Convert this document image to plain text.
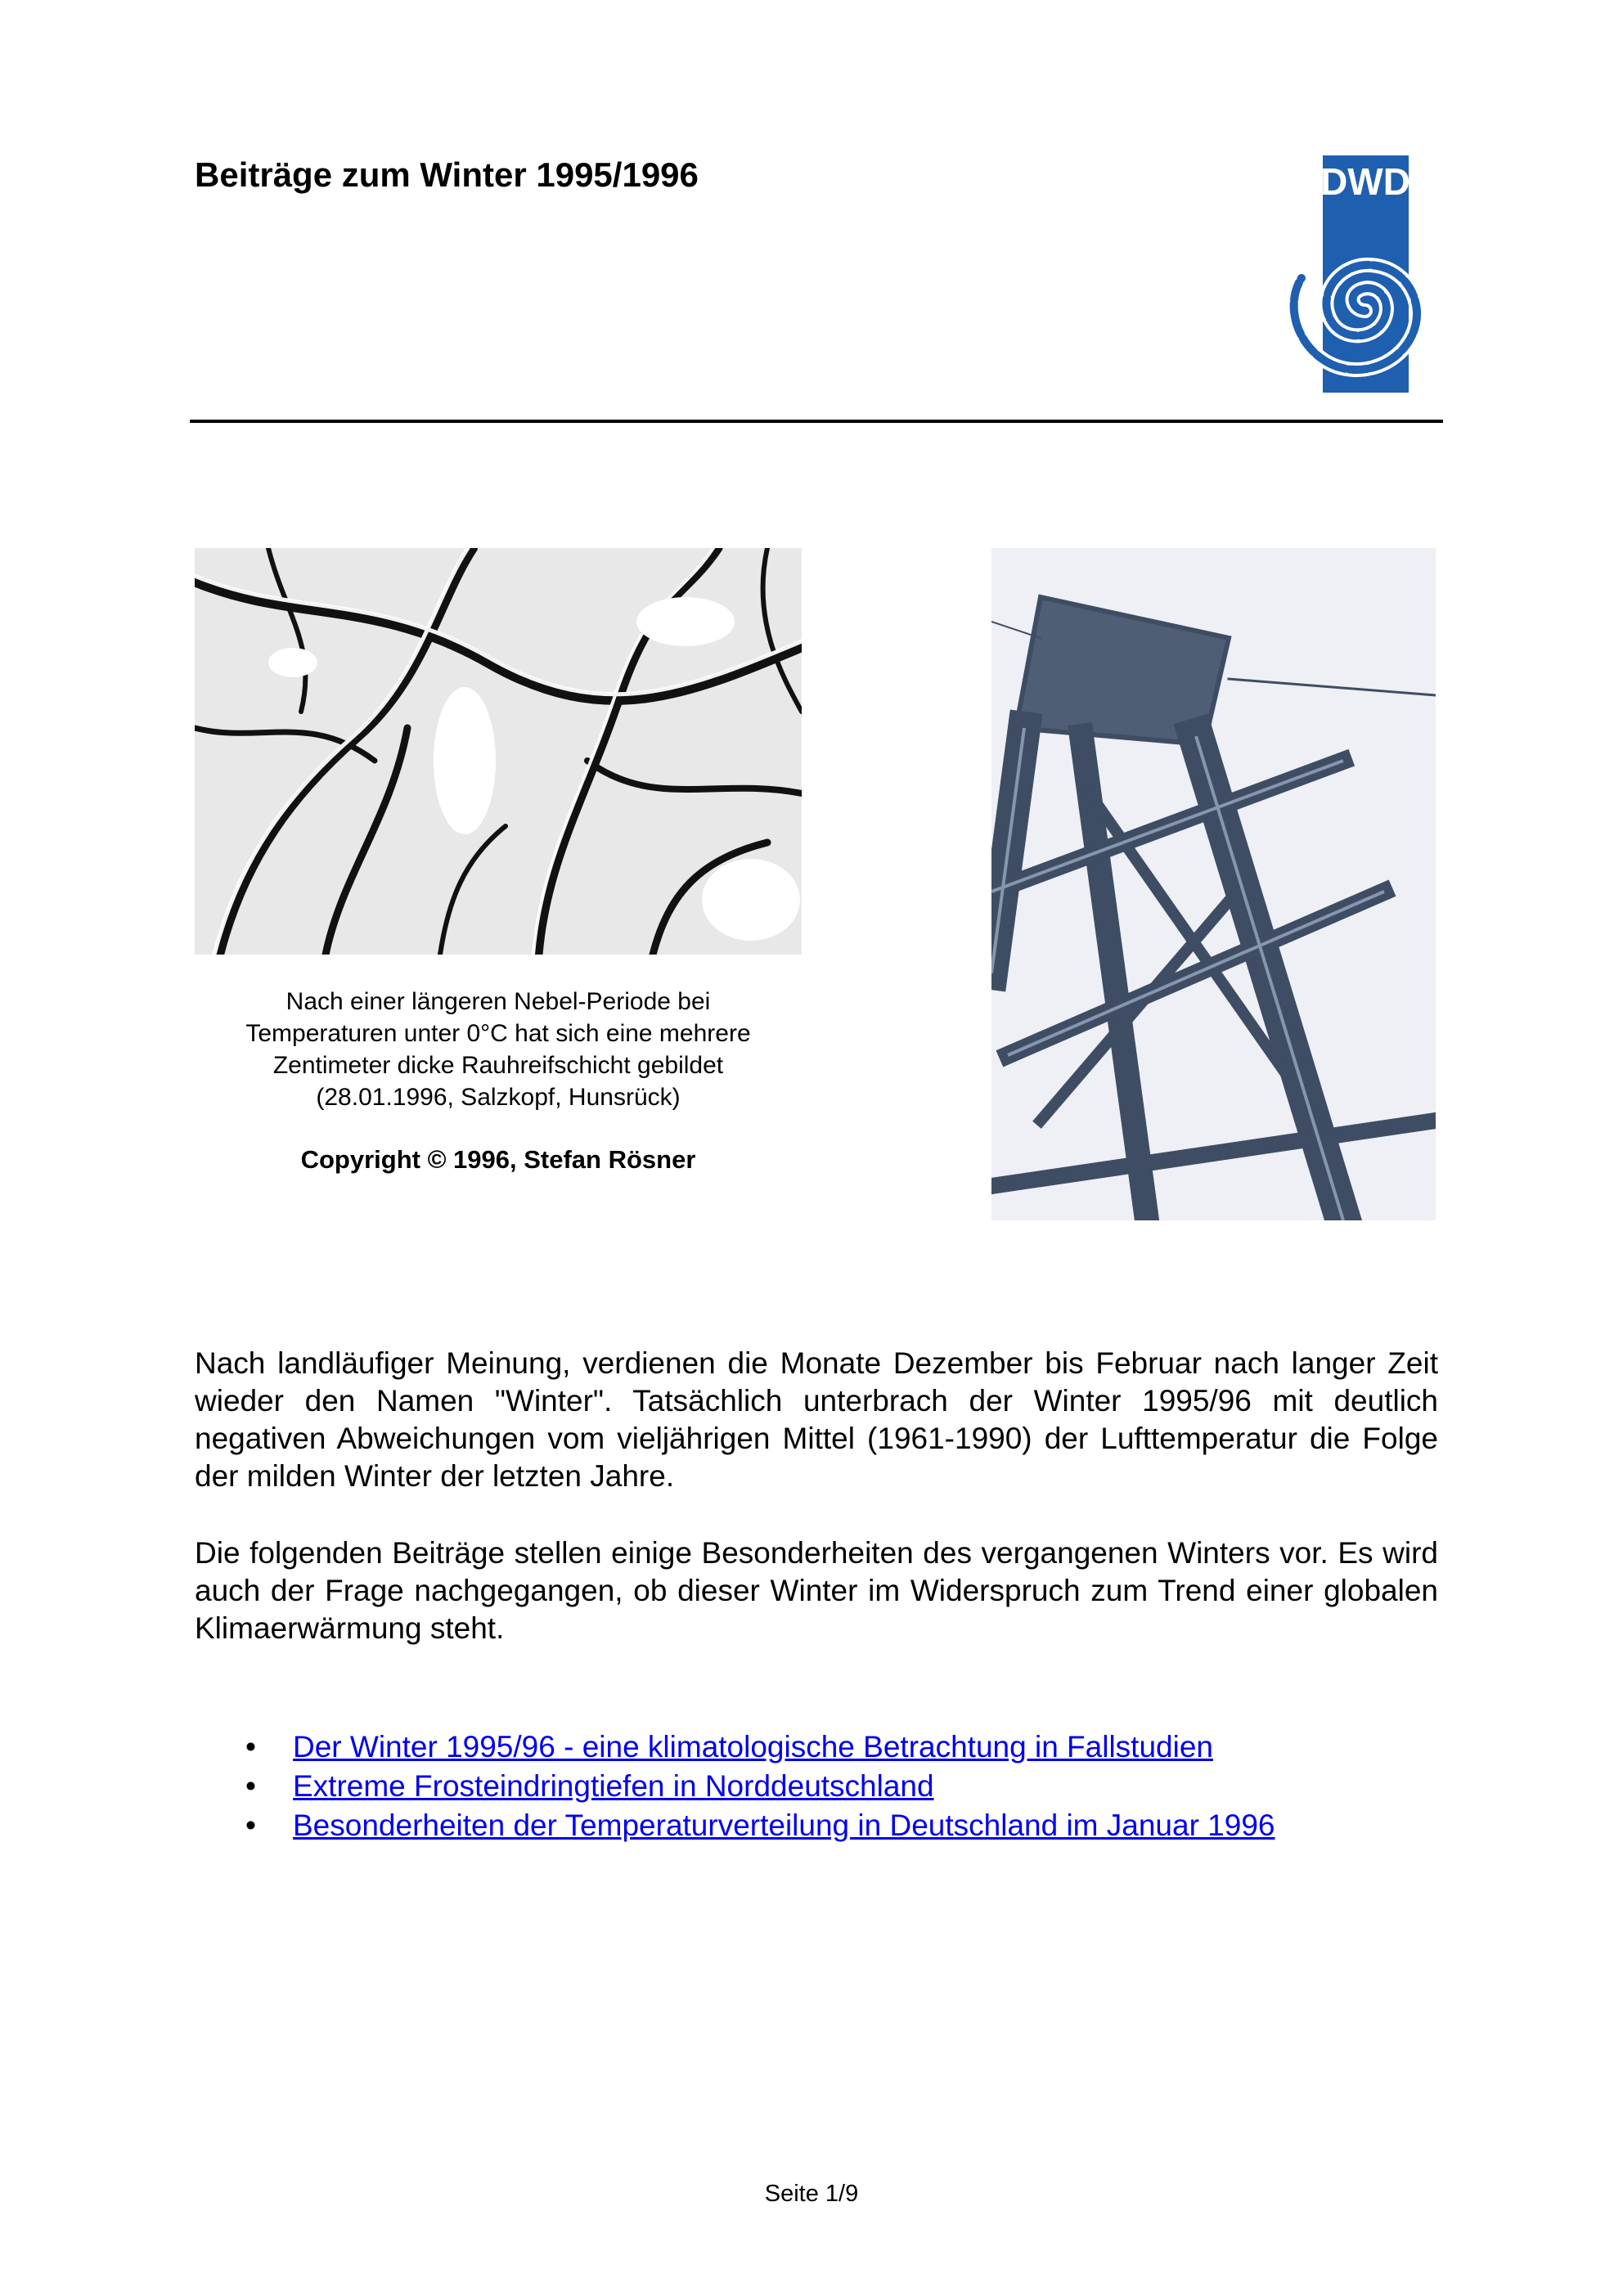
Beiträge zum Winter 1995/1996	DWD
Nach einer längeren Nebel-Periode bei
Temperaturen unter 0°C hat sich eine mehrere
Zentimeter dicke Rauhreifschicht gebildet
(28.01.1996, Salzkopf, Hunsrück)
Copyright © 1996, Stefan Rösner
Nach landläufiger Meinung, verdienen die Monate Dezember bis Februar nach langer Zeit wieder den Namen "Winter". Tatsächlich unterbrach der Winter 1995/96 mit deutlich negativen Abweichungen vom vieljährigen Mittel (1961-1990) der Lufttemperatur die Folge der milden Winter der letzten Jahre.
Die folgenden Beiträge stellen einige Besonderheiten des vergangenen Winters vor. Es wird auch der Frage nachgegangen, ob dieser Winter im Widerspruch zum Trend einer globalen Klimaerwärmung steht.
• Der Winter 1995/96 - eine klimatologische Betrachtung in Fallstudien
• Extreme Frosteindringtiefen in Norddeutschland
• Besonderheiten der Temperaturverteilung in Deutschland im Januar 1996
Seite 1/9
